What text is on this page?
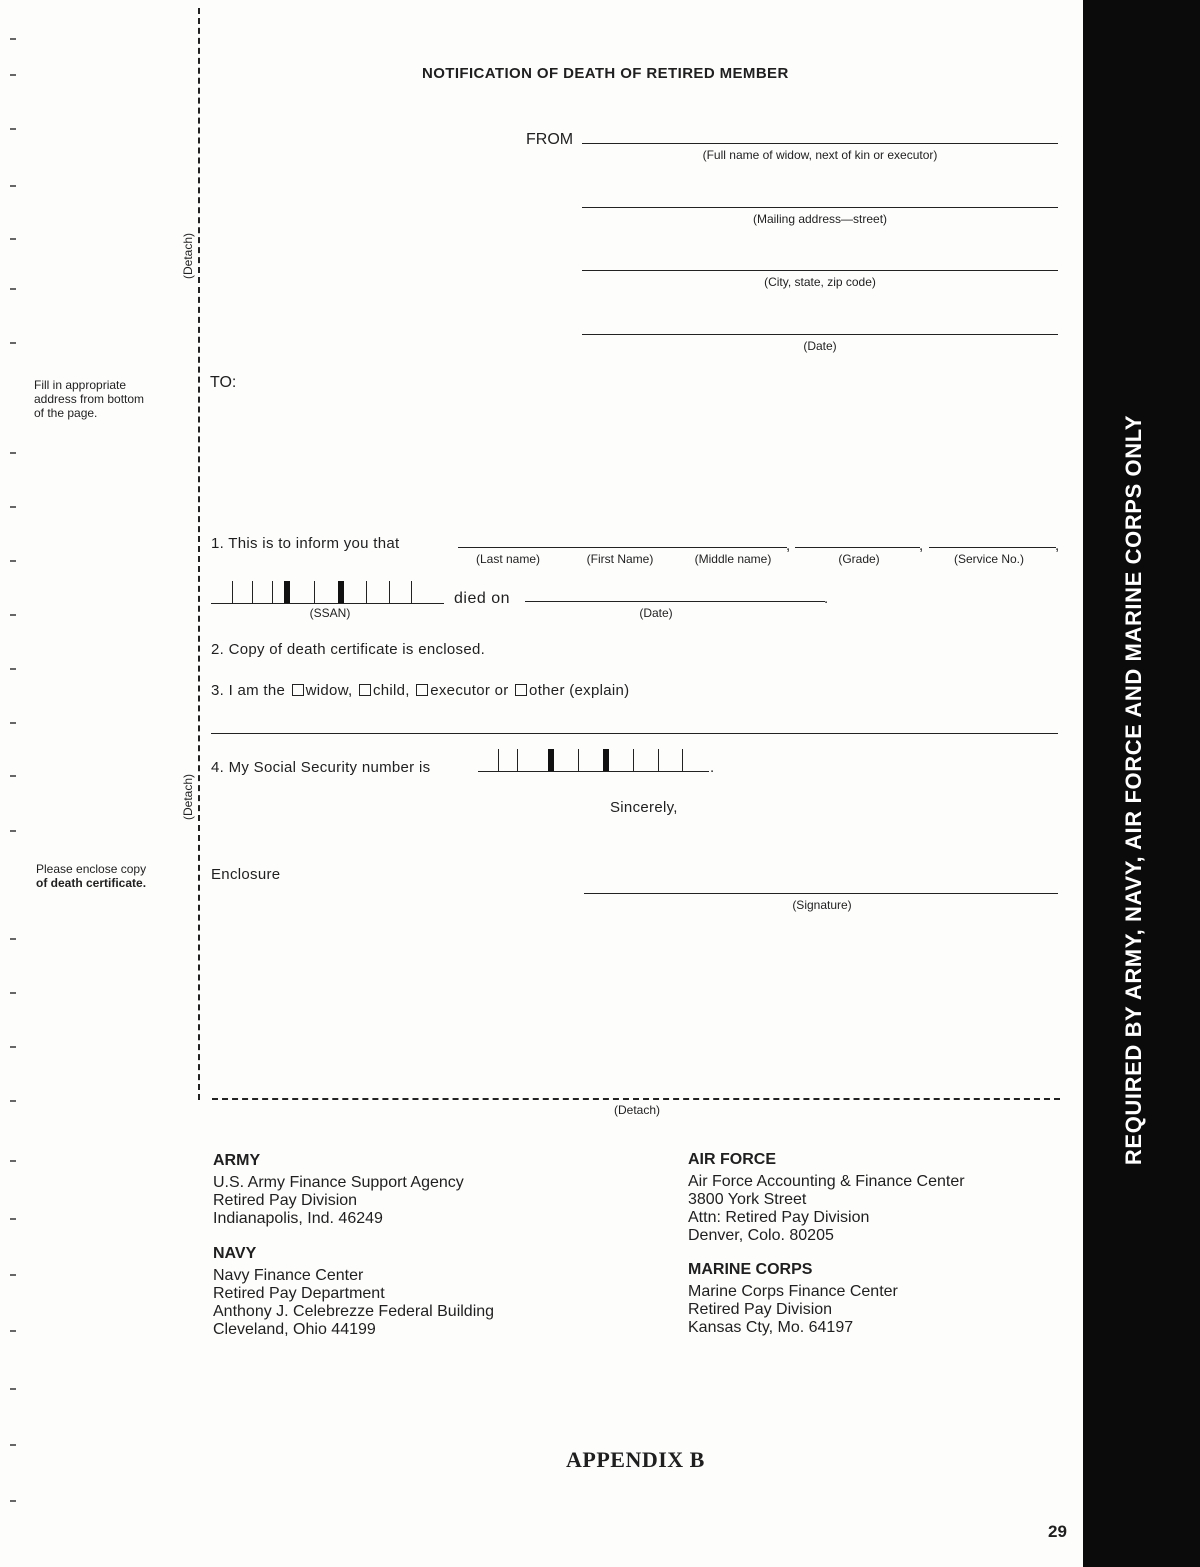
(Detach)
(Detach)
Fill in appropriate
address from bottom
of the page.
Please enclose copy
of death certificate.
NOTIFICATION OF DEATH OF RETIRED MEMBER
FROM
(Full name of widow, next of kin or executor)
(Mailing address—street)
(City, state, zip code)
(Date)
TO:
1. This is to inform you that	,	,	,
(Last name)	(First Name)	(Middle name)	(Grade)	(Service No.)
(SSAN)
died on	.
(Date)
2. Copy of death certificate is enclosed.
3. I am the widow, child, executor or other (explain)
4. My Social Security number is	.
Sincerely,
Enclosure
(Signature)
(Detach)
ARMY
U.S. Army Finance Support Agency
Retired Pay Division
Indianapolis, Ind. 46249
NAVY
Navy Finance Center
Retired Pay Department
Anthony J. Celebrezze Federal Building
Cleveland, Ohio 44199
AIR FORCE
Air Force Accounting & Finance Center
3800 York Street
Attn: Retired Pay Division
Denver, Colo. 80205
MARINE CORPS
Marine Corps Finance Center
Retired Pay Division
Kansas Cty, Mo. 64197
APPENDIX B
29
REQUIRED BY ARMY, NAVY, AIR FORCE AND MARINE CORPS ONLY
